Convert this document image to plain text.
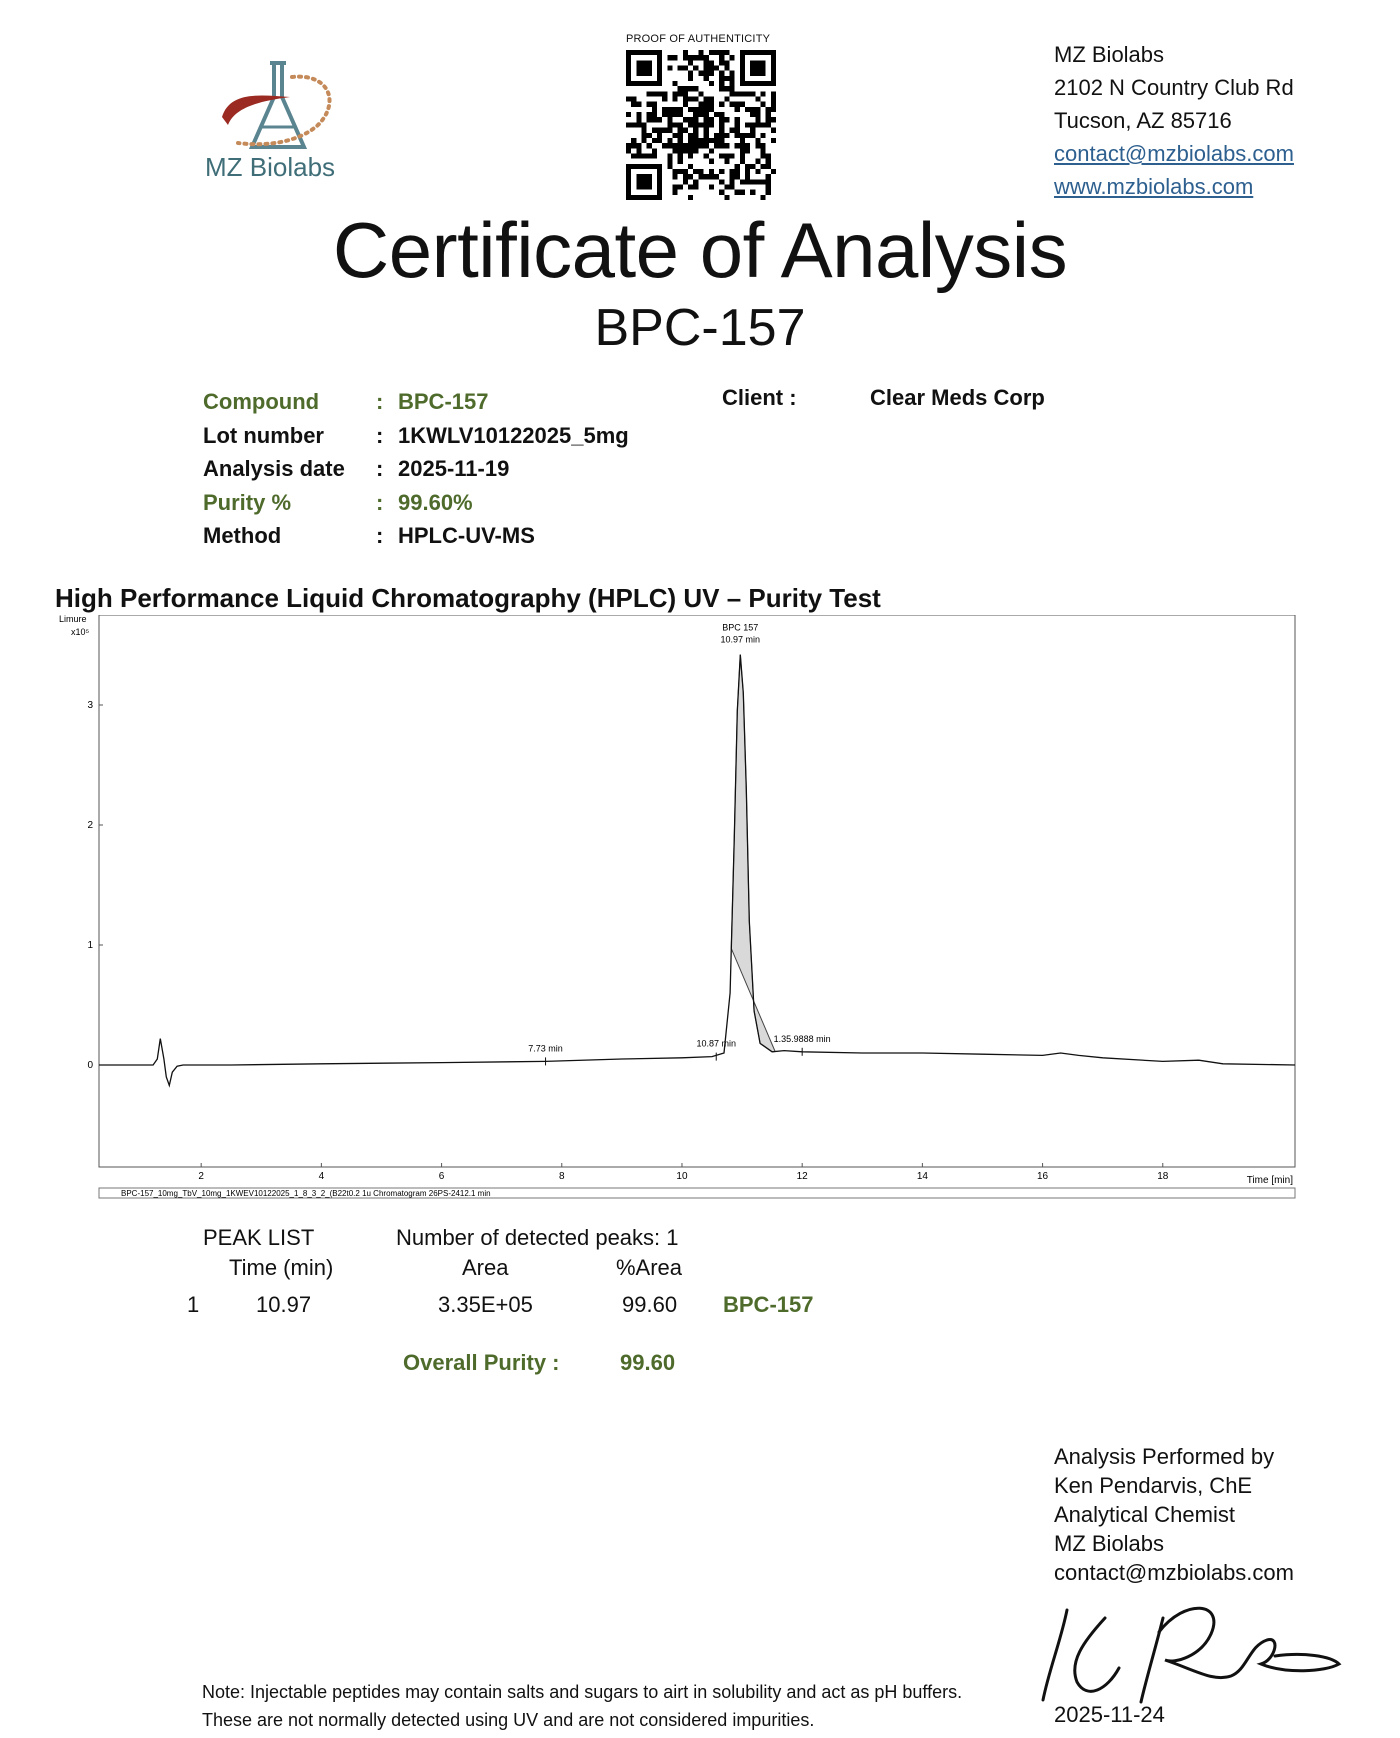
MZ Biolabs
PROOF OF AUTHENTICITY
MZ Biolabs
2102 N Country Club Rd
Tucson, AZ 85716
contact@mzbiolabs.com
www.mzbiolabs.com
Certificate of Analysis
BPC-157
Compound	: BPC-157
Lot number	: 1KWLV10122025_5mg
Analysis date	: 2025-11-19
Purity %	: 99.60%
Method	: HPLC-UV-MS
Client :	Clear Meds Corp
High Performance Liquid Chromatography (HPLC) UV – Purity Test
Limure
x10⁵
Time [min]
BPC-157_10mg_TbV_10mg_1KWEV10122025_1_8_3_2_(B22t0.2 1u Chromatogram 26PS-2412.1 min
2	4	6	8	10	12	14	16	18
0
1
2
3
BPC 157
10.97 min
7.73 min	10.87 min	1.35.9888 min
PEAK LIST	Number of detected peaks: 1
Time (min)	Area	%Area
1	10.97	3.35E+05	99.60 BPC-157
Overall Purity :	99.60
Analysis Performed by
Ken Pendarvis, ChE
Analytical Chemist
MZ Biolabs
contact@mzbiolabs.com
2025-11-24
Note: Injectable peptides may contain salts and sugars to airt in solubility and act as pH buffers.
These are not normally detected using UV and are not considered impurities.
